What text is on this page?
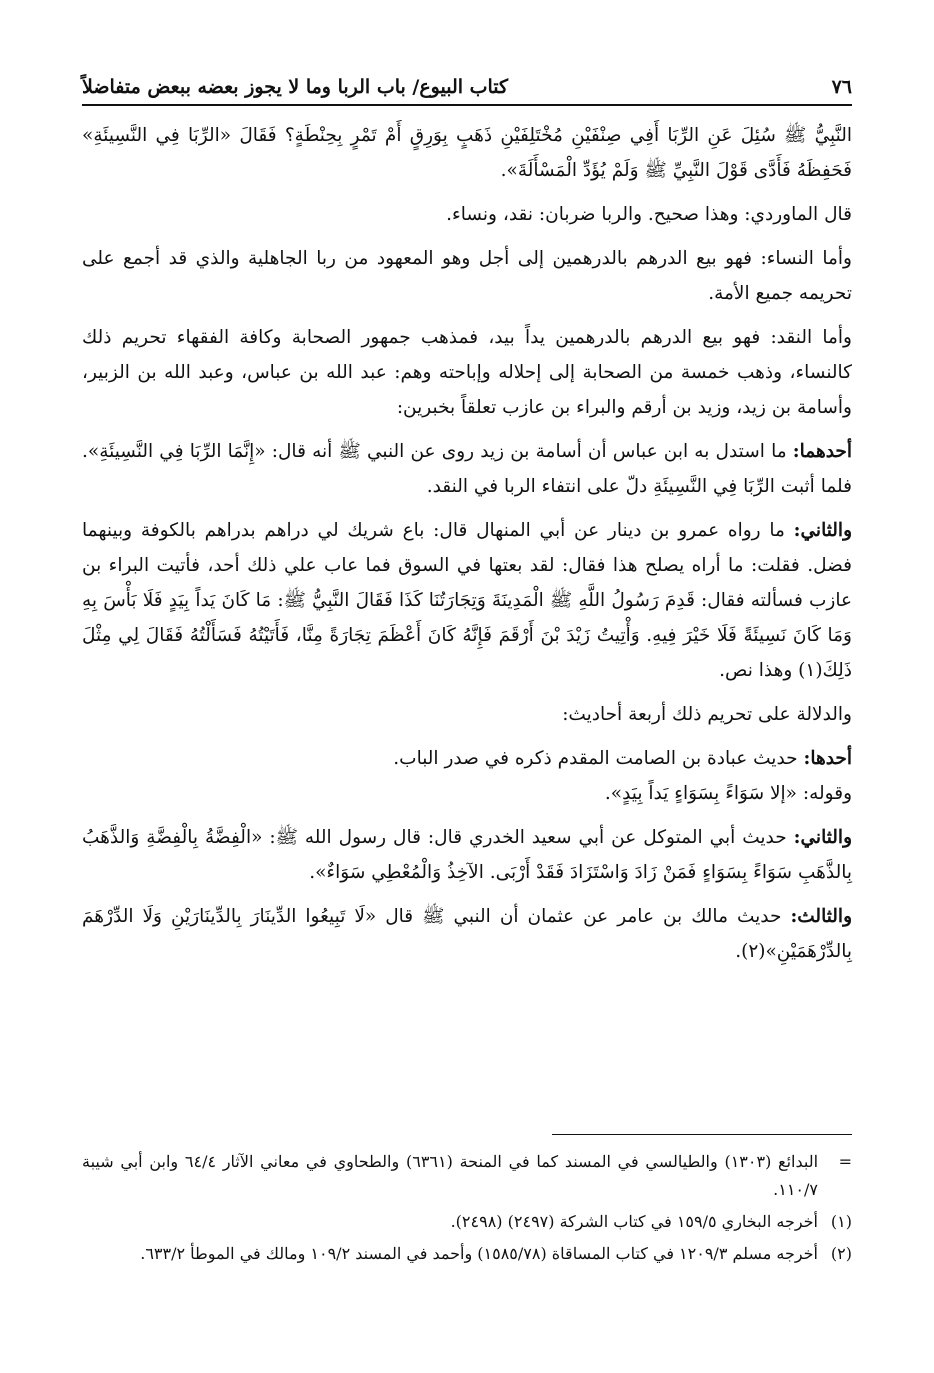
٧٦
كتاب البيوع/ باب الربا وما لا يجوز بعضه ببعض متفاضلاً

النَّبِيُّ ﷺ سُئِلَ عَنِ الرِّبَا أَفِي صِنْفَيْنِ مُخْتَلِفَيْنِ ذَهَبٍ بِوَرِقٍ أَمْ تَمْرٍ بِحِنْطَةٍ؟ فَقَالَ «الرِّبَا فِي النَّسِيئَةِ» فَحَفِظَهُ فَأَدَّى قَوْلَ النَّبِيِّ ﷺ وَلَمْ يُؤَدِّ الْمَسْأَلَةَ».

قال الماوردي: وهذا صحيح. والربا ضربان: نقد، ونساء.

وأما النساء: فهو بيع الدرهم بالدرهمين إلى أجل وهو المعهود من ربا الجاهلية والذي قد أجمع على تحريمه جميع الأمة.

وأما النقد: فهو بيع الدرهم بالدرهمين يداً بيد، فمذهب جمهور الصحابة وكافة الفقهاء تحريم ذلك كالنساء، وذهب خمسة من الصحابة إلى إحلاله وإباحته وهم: عبد الله بن عباس، وعبد الله بن الزبير، وأسامة بن زيد، وزيد بن أرقم والبراء بن عازب تعلقاً بخبرين:

أحدهما: ما استدل به ابن عباس أن أسامة بن زيد روى عن النبي ﷺ أنه قال: «إِنَّمَا الرِّبَا فِي النَّسِيئَةِ». فلما أثبت الرِّبَا فِي النَّسِيئَةِ دلّ على انتفاء الربا في النقد.

والثاني: ما رواه عمرو بن دينار عن أبي المنهال قال: باع شريك لي دراهم بدراهم بالكوفة وبينهما فضل. فقلت: ما أراه يصلح هذا فقال: لقد بعتها في السوق فما عاب علي ذلك أحد، فأتيت البراء بن عازب فسألته فقال: قَدِمَ رَسُولُ اللَّهِ ﷺ الْمَدِينَةَ وَتِجَارَتُنَا كَذَا فَقَالَ النَّبِيُّ ﷺ: مَا كَانَ يَداً بِيَدٍ فَلَا بَأْسَ بِهِ وَمَا كَانَ نَسِيئَةً فَلَا خَيْرَ فِيهِ. وَأْتِيتُ زَيْدَ بْنَ أَرْقَمَ فَإِنَّهُ كَانَ أَعْظَمَ تِجَارَةً مِنَّا، فَأَتَيْتُهُ فَسَأَلْتُهُ فَقَالَ لِي مِثْلَ ذَلِكَ(١) وهذا نص.

والدلالة على تحريم ذلك أربعة أحاديث:

أحدها: حديث عبادة بن الصامت المقدم ذكره في صدر الباب.

وقوله: «إلا سَوَاءً بِسَوَاءٍ يَداً بِيَدٍ».

والثاني: حديث أبي المتوكل عن أبي سعيد الخدري قال: قال رسول الله ﷺ: «الْفِضَّةُ بِالْفِضَّةِ وَالذَّهَبُ بِالذَّهَبِ سَوَاءً بِسَوَاءٍ فَمَنْ زَادَ وَاسْتَزَادَ فَقَدْ أَرْبَى. الآخِذُ وَالْمُعْطِي سَوَاءٌ».

والثالث: حديث مالك بن عامر عن عثمان أن النبي ﷺ قال «لَا تَبِيعُوا الدِّينَارَ بِالدِّينَارَيْنِ وَلَا الدِّرْهَمَ بِالدِّرْهَمَيْنِ»(٢).

=
البدائع (١٣٠٣) والطيالسي في المسند كما في المنحة (٦٣٦١) والطحاوي في معاني الآثار ٦٤/٤ وابن أبي شيبة ١١٠/٧.
(١)
أخرجه البخاري ١٥٩/٥ في كتاب الشركة (٢٤٩٧) (٢٤٩٨).
(٢)
أخرجه مسلم ١٢٠٩/٣ في كتاب المساقاة (١٥٨٥/٧٨) وأحمد في المسند ١٠٩/٢ ومالك في الموطأ ٦٣٣/٢.
